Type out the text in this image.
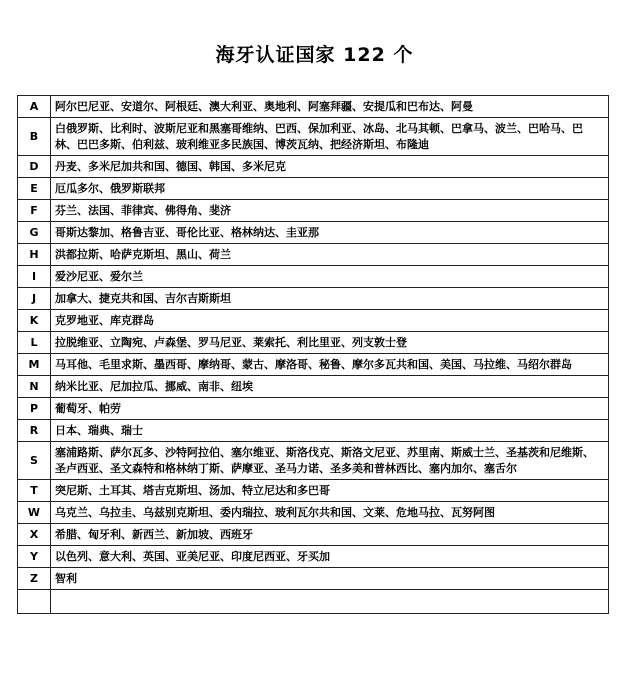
海牙认证国家 122 个
A	阿尔巴尼亚、安道尔、阿根廷、澳大利亚、奥地利、阿塞拜疆、安提瓜和巴布达、阿曼
B	白俄罗斯、比利时、波斯尼亚和黑塞哥维纳、巴西、保加利亚、冰岛、北马其顿、巴拿马、波兰、巴哈马、巴林、巴巴多斯、伯利兹、玻利维亚多民族国、博茨瓦纳、把经济斯坦、布隆迪
D	丹麦、多米尼加共和国、德国、韩国、多米尼克
E	厄瓜多尔、俄罗斯联邦
F	芬兰、法国、菲律宾、佛得角、斐济
G	哥斯达黎加、格鲁吉亚、哥伦比亚、格林纳达、圭亚那
H	洪都拉斯、哈萨克斯坦、黑山、荷兰
I	爱沙尼亚、爱尔兰
J	加拿大、捷克共和国、吉尔吉斯斯坦
K	克罗地亚、库克群岛
L	拉脱维亚、立陶宛、卢森堡、罗马尼亚、莱索托、利比里亚、列支敦士登
M	马耳他、毛里求斯、墨西哥、摩纳哥、蒙古、摩洛哥、秘鲁、摩尔多瓦共和国、美国、马拉维、马绍尔群岛
N	纳米比亚、尼加拉瓜、挪威、南非、纽埃
P	葡萄牙、帕劳
R	日本、瑞典、瑞士
S	塞浦路斯、萨尔瓦多、沙特阿拉伯、塞尔维亚、斯洛伐克、斯洛文尼亚、苏里南、斯威士兰、圣基茨和尼维斯、圣卢西亚、圣文森特和格林纳丁斯、萨摩亚、圣马力诺、圣多美和普林西比、塞内加尔、塞舌尔
T	突尼斯、土耳其、塔吉克斯坦、汤加、特立尼达和多巴哥
W	乌克兰、乌拉圭、乌兹别克斯坦、委内瑞拉、玻利瓦尔共和国、文莱、危地马拉、瓦努阿图
X	希腊、匈牙利、新西兰、新加坡、西班牙
Y	以色列、意大利、英国、亚美尼亚、印度尼西亚、牙买加
Z	智利
